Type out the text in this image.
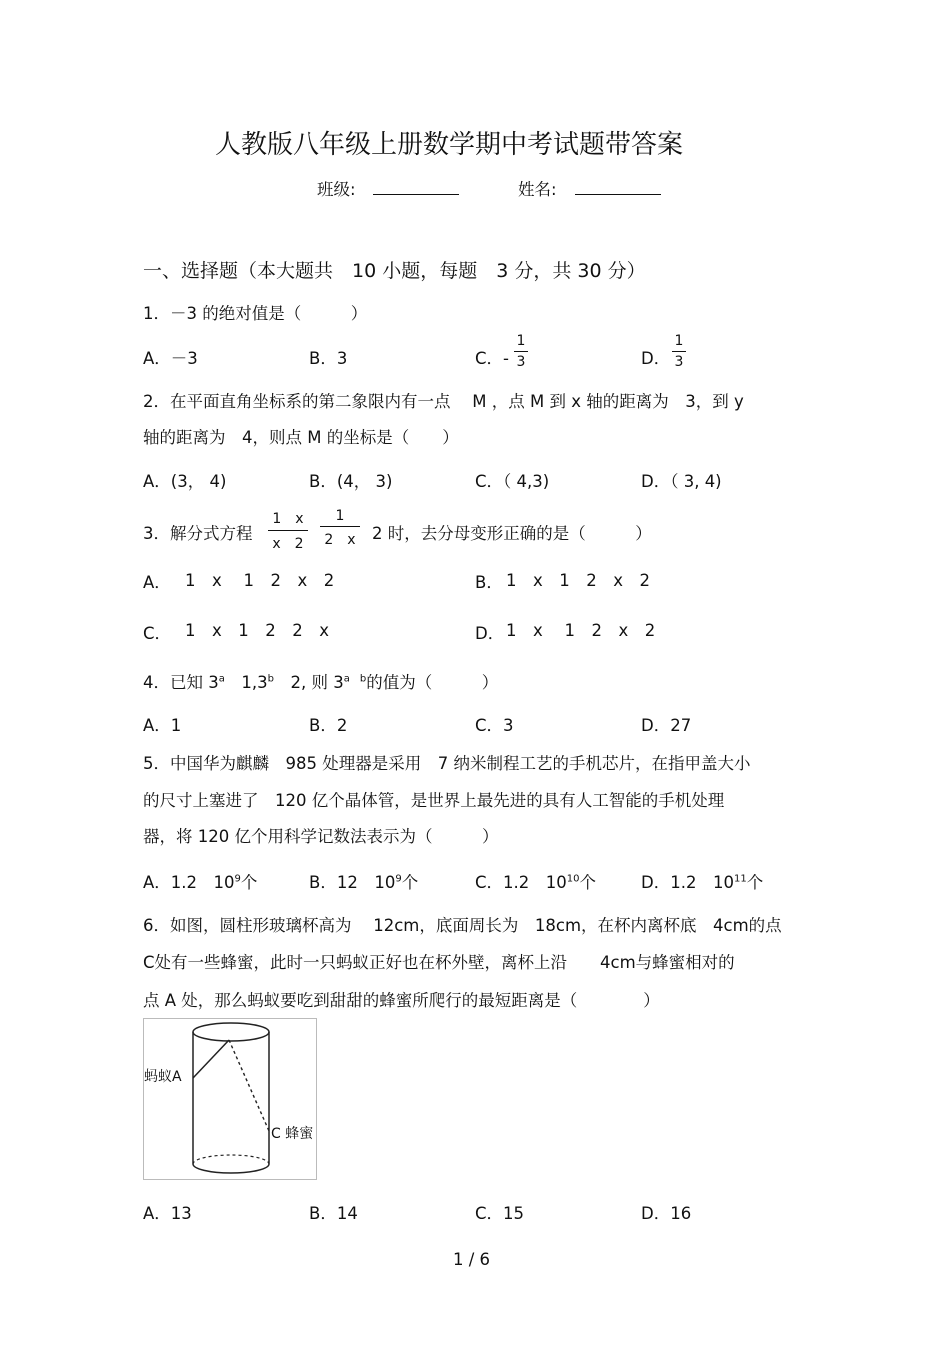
人教版八年级上册数学期中考试题带答案
班级:	姓名:
一、选择题（本大题共　10 小题，每题　3 分，共 30 分）
1．－3 的绝对值是（　　　）
A．－3	B．3	C．-
1
3	D．
1
3
2．在平面直角坐标系的第二象限内有一点　 M ，点 M 到 x 轴的距离为　3，到 y
轴的距离为　4，则点 M 的坐标是（　　）
A．(3， 4)	B．(4， 3)	C．（ 4,3)	D．（ 3, 4)
3．解分式方程
1　x
x　2
1
2　x 2 时，去分母变形正确的是（　　　）
A． 1　x　 1　2　x　2	B． 1　x　1　2　x　2
C． 1　x　1　2　2　x	D． 1　x　 1　2　x　2
4．已知 3$^a$　1,3$^b$　2, 则 $3^{a b}$的值为（　　　）
A．1	B．2	C．3	D．27
5．中国华为麒麟　985 处理器是采用　7 纳米制程工艺的手机芯片，在指甲盖大小
的尺寸上塞进了　120 亿个晶体管，是世界上最先进的具有人工智能的手机处理
器，将 120 亿个用科学记数法表示为（　　　）
A．1.2　$10^9$个	B．12　$10^9$个	C．1.2　$10^{10}$个	D．1.2　$10^{11}$个
6．如图，圆柱形玻璃杯高为　 12cm，底面周长为　18cm，在杯内离杯底　4cm的点
C处有一些蜂蜜，此时一只蚂蚁正好也在杯外壁，离杯上沿　　4cm与蜂蜜相对的
点 A 处，那么蚂蚁要吃到甜甜的蜂蜜所爬行的最短距离是（　　　　）
蚂蚁A
C 蜂蜜
A．13	B．14	C．15	D．16
1 / 6
